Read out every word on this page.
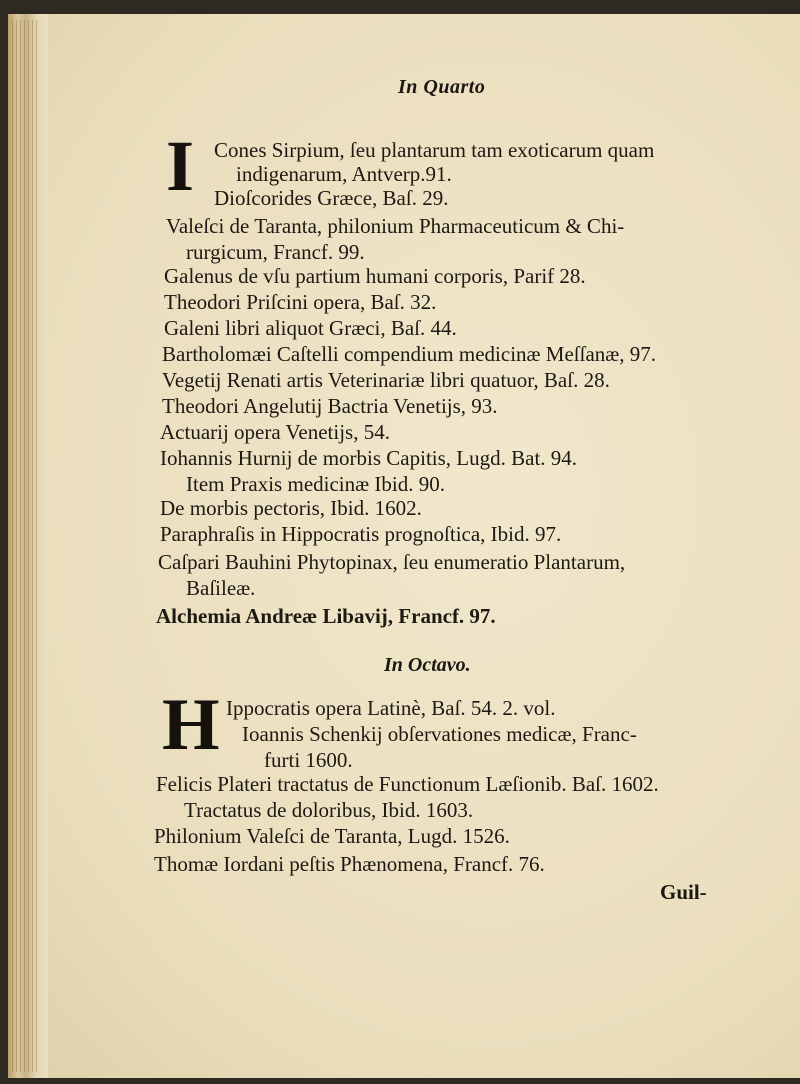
In Quarto
I Cones Sirpium, ſeu plantarum tam exoticarum quam
indigenarum, Antverp.91.
Dioſcorides Græce, Baſ. 29.
Valeſci de Taranta, philonium Pharmaceuticum & Chi-
rurgicum, Francf. 99.
Galenus de vſu partium humani corporis, Parif 28.
Theodori Priſcini opera, Baſ. 32.
Galeni libri aliquot Græci, Baſ. 44.
Bartholomæi Caſtelli compendium medicinæ Meſſanæ, 97.
Vegetij Renati artis Veterinariæ libri quatuor, Baſ. 28.
Theodori Angelutij Bactria Venetijs, 93.
Actuarij opera Venetijs, 54.
Iohannis Hurnij de morbis Capitis, Lugd. Bat. 94.
Item Praxis medicinæ Ibid. 90.
De morbis pectoris, Ibid. 1602.
Paraphraſis in Hippocratis prognoſtica, Ibid. 97.
Caſpari Bauhini Phytopinax, ſeu enumeratio Plantarum,
Baſileæ.
Alchemia Andreæ Libavij, Francf. 97.
In Octavo.
H Ippocratis opera Latinè, Baſ. 54. 2. vol.
Ioannis Schenkij obſervationes medicæ, Franc-
furti 1600.
Felicis Plateri tractatus de Functionum Læſionib. Baſ. 1602.
Tractatus de doloribus, Ibid. 1603.
Philonium Valeſci de Taranta, Lugd. 1526.
Thomæ Iordani peſtis Phænomena, Francf. 76.
Guil-
